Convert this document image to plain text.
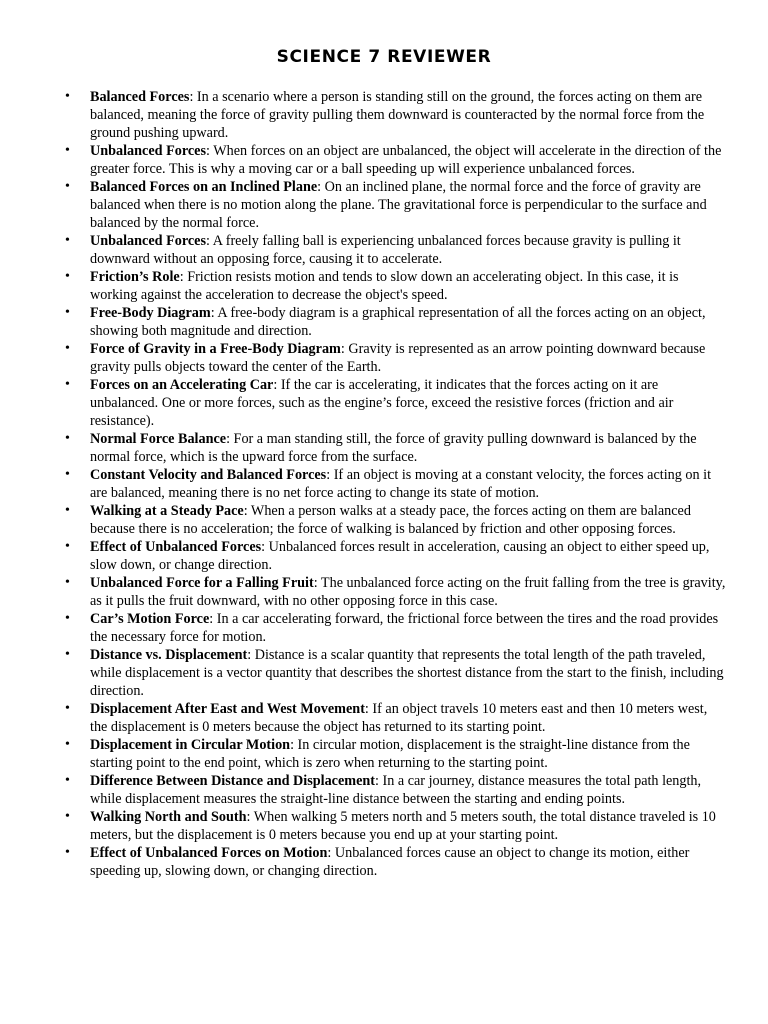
SCIENCE 7 REVIEWER
• Balanced Forces: In a scenario where a person is standing still on the ground, the forces acting on them are balanced, meaning the force of gravity pulling them downward is counteracted by the normal force from the ground pushing upward.
• Unbalanced Forces: When forces on an object are unbalanced, the object will accelerate in the direction of the greater force. This is why a moving car or a ball speeding up will experience unbalanced forces.
• Balanced Forces on an Inclined Plane: On an inclined plane, the normal force and the force of gravity are balanced when there is no motion along the plane. The gravitational force is perpendicular to the surface and balanced by the normal force.
• Unbalanced Forces: A freely falling ball is experiencing unbalanced forces because gravity is pulling it downward without an opposing force, causing it to accelerate.
• Friction’s Role: Friction resists motion and tends to slow down an accelerating object. In this case, it is working against the acceleration to decrease the object's speed.
• Free-Body Diagram: A free-body diagram is a graphical representation of all the forces acting on an object, showing both magnitude and direction.
• Force of Gravity in a Free-Body Diagram: Gravity is represented as an arrow pointing downward because gravity pulls objects toward the center of the Earth.
• Forces on an Accelerating Car: If the car is accelerating, it indicates that the forces acting on it are unbalanced. One or more forces, such as the engine’s force, exceed the resistive forces (friction and air resistance).
• Normal Force Balance: For a man standing still, the force of gravity pulling downward is balanced by the normal force, which is the upward force from the surface.
• Constant Velocity and Balanced Forces: If an object is moving at a constant velocity, the forces acting on it are balanced, meaning there is no net force acting to change its state of motion.
• Walking at a Steady Pace: When a person walks at a steady pace, the forces acting on them are balanced because there is no acceleration; the force of walking is balanced by friction and other opposing forces.
• Effect of Unbalanced Forces: Unbalanced forces result in acceleration, causing an object to either speed up, slow down, or change direction.
• Unbalanced Force for a Falling Fruit: The unbalanced force acting on the fruit falling from the tree is gravity, as it pulls the fruit downward, with no other opposing force in this case.
• Car’s Motion Force: In a car accelerating forward, the frictional force between the tires and the road provides the necessary force for motion.
• Distance vs. Displacement: Distance is a scalar quantity that represents the total length of the path traveled, while displacement is a vector quantity that describes the shortest distance from the start to the finish, including direction.
• Displacement After East and West Movement: If an object travels 10 meters east and then 10 meters west, the displacement is 0 meters because the object has returned to its starting point.
• Displacement in Circular Motion: In circular motion, displacement is the straight-line distance from the starting point to the end point, which is zero when returning to the starting point.
• Difference Between Distance and Displacement: In a car journey, distance measures the total path length, while displacement measures the straight-line distance between the starting and ending points.
• Walking North and South: When walking 5 meters north and 5 meters south, the total distance traveled is 10 meters, but the displacement is 0 meters because you end up at your starting point.
• Effect of Unbalanced Forces on Motion: Unbalanced forces cause an object to change its motion, either speeding up, slowing down, or changing direction.
